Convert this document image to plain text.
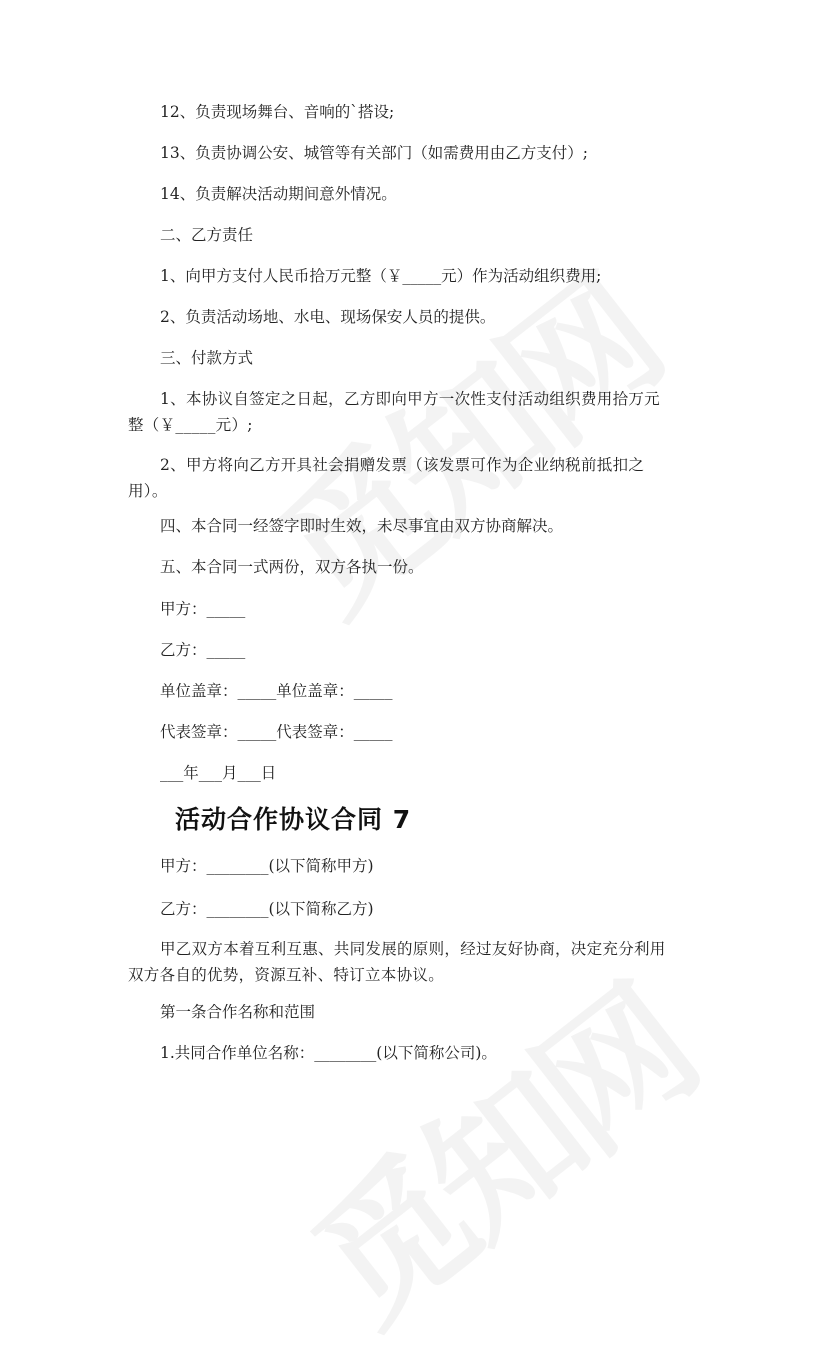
12、负责现场舞台、音响的`搭设;

13、负责协调公安、城管等有关部门（如需费用由乙方支付）;

14、负责解决活动期间意外情况。

二、乙方责任

1、向甲方支付人民币拾万元整（￥_____元）作为活动组织费用;

2、负责活动场地、水电、现场保安人员的提供。

三、付款方式

1、本协议自签定之日起，乙方即向甲方一次性支付活动组织费用拾万元整（￥_____元）;

2、甲方将向乙方开具社会捐赠发票（该发票可作为企业纳税前抵扣之用）。

四、本合同一经签字即时生效，未尽事宜由双方协商解决。

五、本合同一式两份，双方各执一份。

甲方：_____

乙方：_____

单位盖章：_____单位盖章：_____

代表签章：_____代表签章：_____

___年___月___日

活动合作协议合同 7

甲方：________(以下简称甲方)

乙方：________(以下简称乙方)

甲乙双方本着互利互惠、共同发展的原则，经过友好协商，决定充分利用双方各自的优势，资源互补、特订立本协议。

第一条合作名称和范围

1.共同合作单位名称：________(以下简称公司)。
